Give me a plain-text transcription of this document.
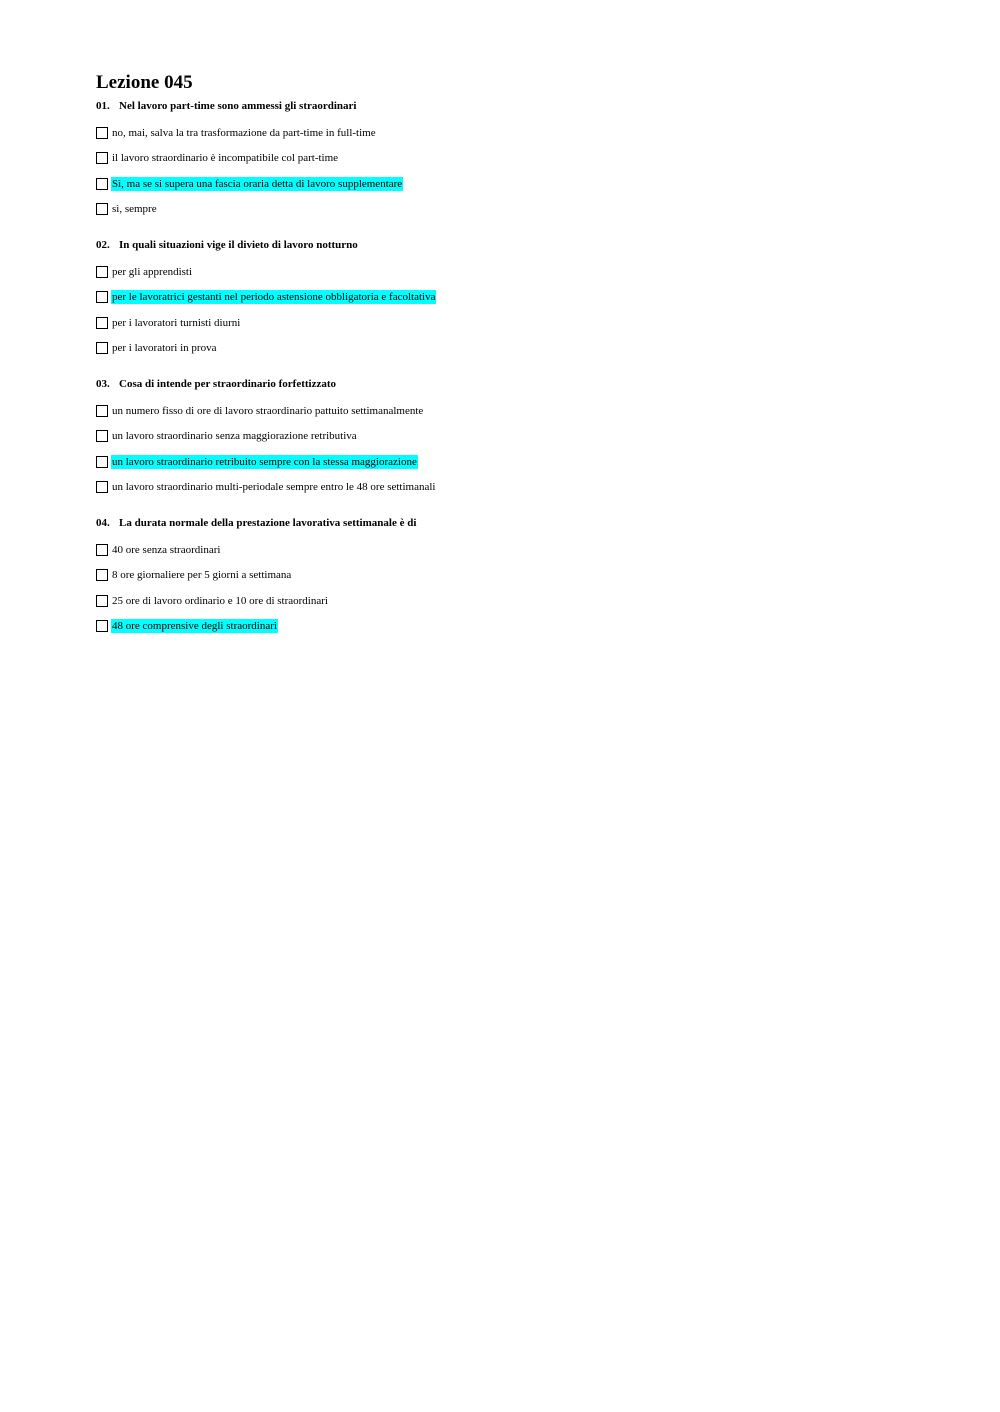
Lezione 045
01. Nel lavoro part-time sono ammessi gli straordinari
no, mai, salva la tra trasformazione da part-time in full-time
il lavoro straordinario è incompatibile col part-time
Sì, ma se si supera una fascia oraria detta di lavoro supplementare
sì, sempre
02. In quali situazioni vige il divieto di lavoro notturno
per gli apprendisti
per le lavoratrici gestanti nel periodo astensione obbligatoria e facoltativa
per i lavoratori turnisti diurni
per i lavoratori in prova
03. Cosa di intende per straordinario forfettizzato
un numero fisso di ore di lavoro straordinario pattuito settimanalmente
un lavoro straordinario senza maggiorazione retributiva
un lavoro straordinario retribuito sempre con la stessa maggiorazione
un lavoro straordinario multi-periodale sempre entro le 48 ore settimanali
04. La durata normale della prestazione lavorativa settimanale è di
40 ore senza straordinari
8 ore giornaliere per 5 giorni a settimana
25 ore di lavoro ordinario e 10 ore di straordinari
48 ore comprensive degli straordinari
